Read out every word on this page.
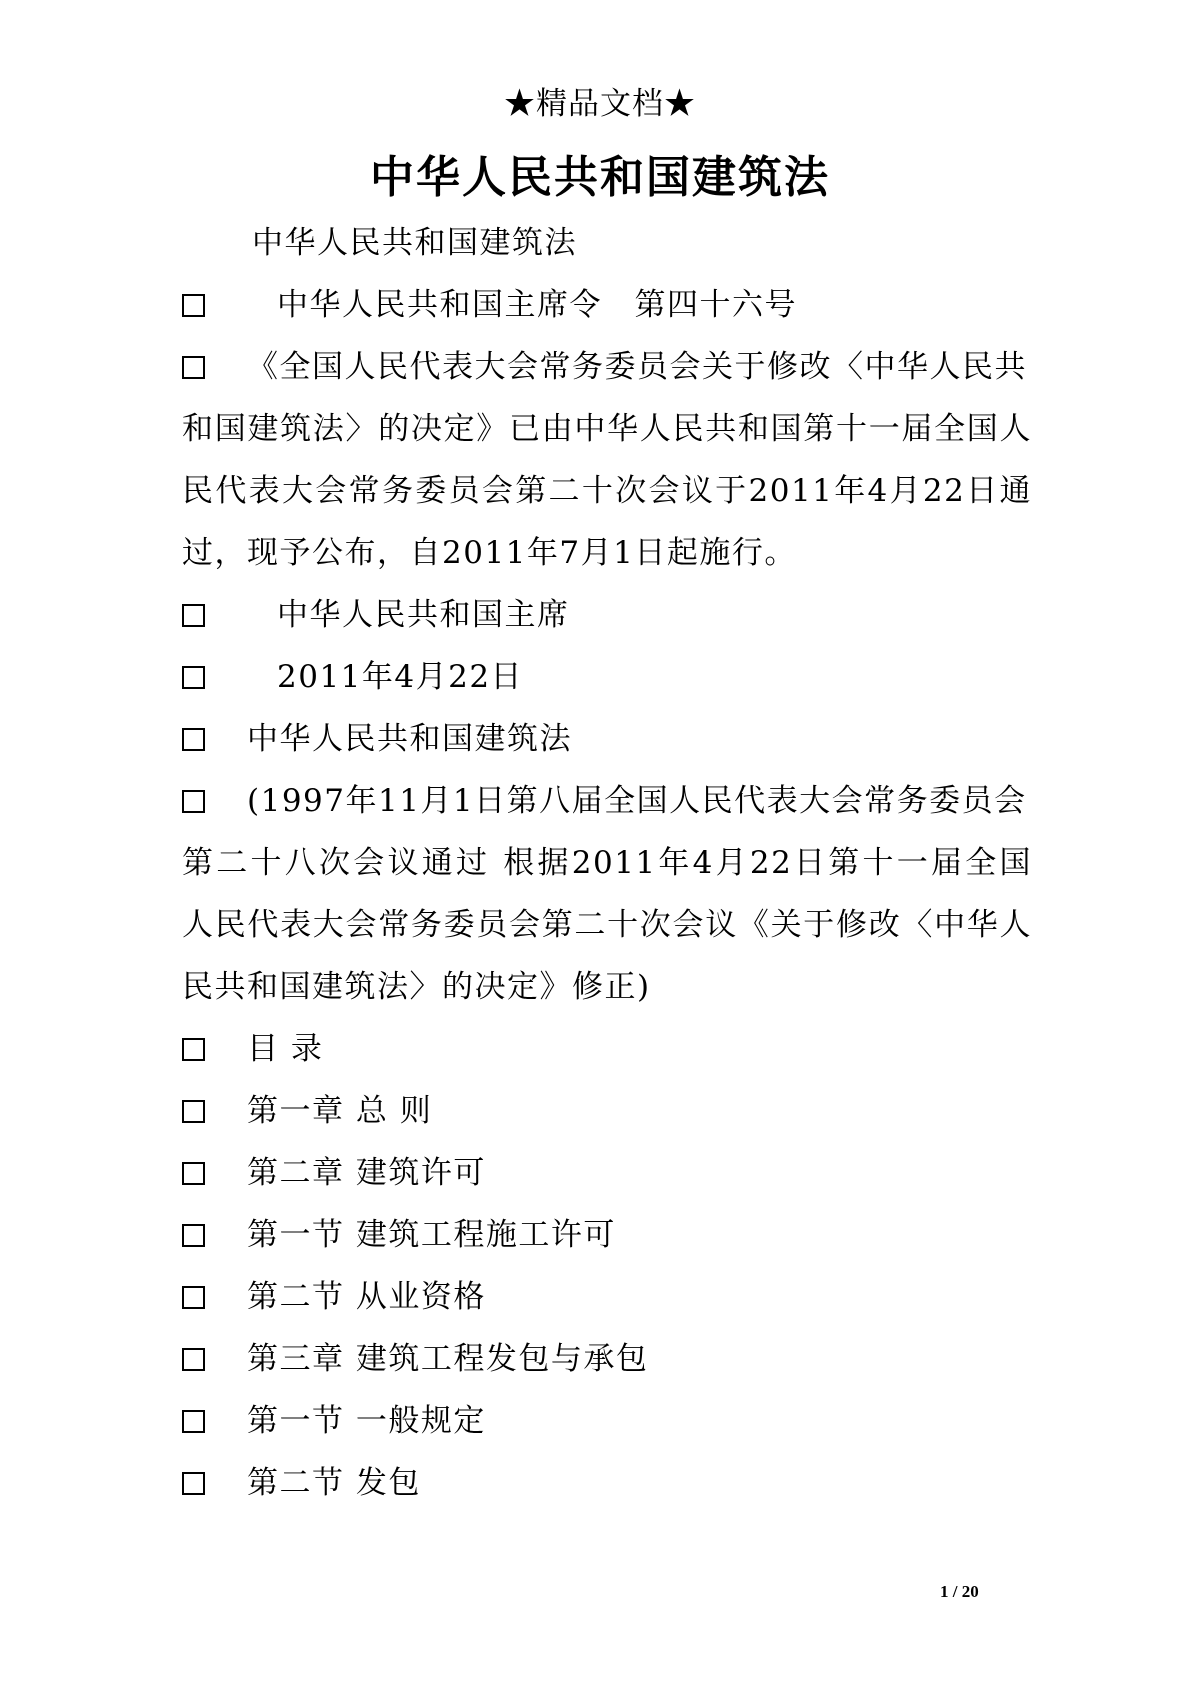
★精品文档★
中华人民共和国建筑法
中华人民共和国建筑法
中华人民共和国主席令　第四十六号
《全国人民代表大会常务委员会关于修改〈中华人民共
和国建筑法〉的决定》已由中华人民共和国第十一届全国人
民代表大会常务委员会第二十次会议于2011年4月22日通
过，现予公布，自2011年7月1日起施行。
中华人民共和国主席
2011年4月22日
中华人民共和国建筑法
(1997年11月1日第八届全国人民代表大会常务委员会
第二十八次会议通过 根据2011年4月22日第十一届全国
人民代表大会常务委员会第二十次会议《关于修改〈中华人
民共和国建筑法〉的决定》修正)
目 录
第一章 总 则
第二章 建筑许可
第一节 建筑工程施工许可
第二节 从业资格
第三章 建筑工程发包与承包
第一节 一般规定
第二节 发包
1 / 20
